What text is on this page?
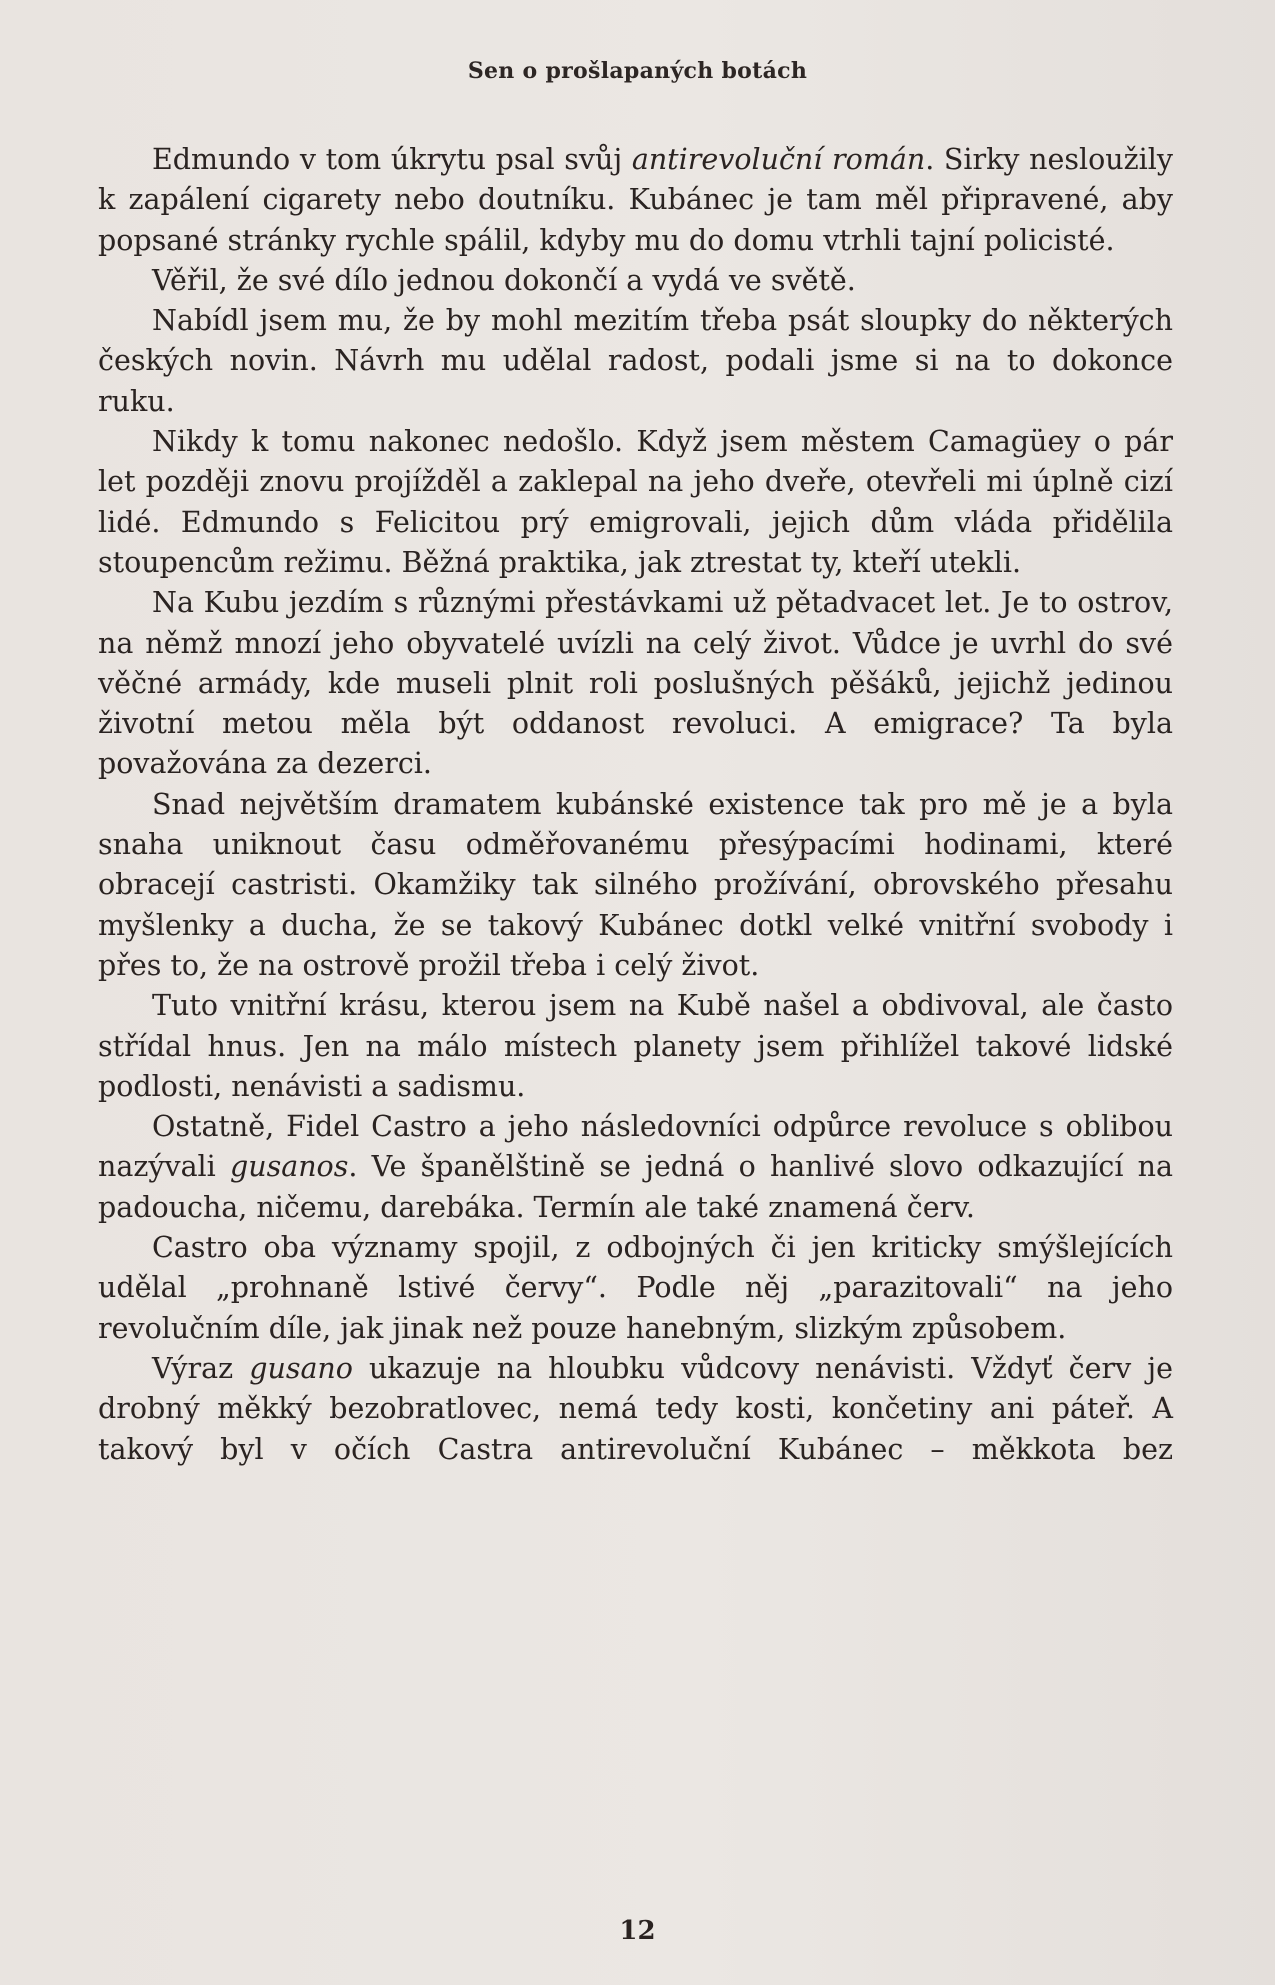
Sen o prošlapaných botách

Edmundo v tom úkrytu psal svůj antirevoluční román. Sirky nesloužily k zapálení cigarety nebo doutníku. Kubánec je tam měl připravené, aby popsané stránky rychle spálil, kdyby mu do domu vtrhli tajní policisté.

Věřil, že své dílo jednou dokončí a vydá ve světě.

Nabídl jsem mu, že by mohl mezitím třeba psát sloupky do některých českých novin. Návrh mu udělal radost, podali jsme si na to dokonce ruku.

Nikdy k tomu nakonec nedošlo. Když jsem městem Camagüey o pár let později znovu projížděl a zaklepal na jeho dveře, otevřeli mi úplně cizí lidé. Edmundo s Felicitou prý emigrovali, jejich dům vláda přidělila stoupencům režimu. Běžná praktika, jak ztrestat ty, kteří utekli.

Na Kubu jezdím s různými přestávkami už pětadvacet let. Je to ostrov, na němž mnozí jeho obyvatelé uvízli na celý život. Vůdce je uvrhl do své věčné armády, kde museli plnit roli poslušných pěšáků, jejichž jedinou životní metou měla být oddanost revoluci. A emigrace? Ta byla považována za dezerci.

Snad největším dramatem kubánské existence tak pro mě je a byla snaha uniknout času odměřovanému přesýpacími hodinami, které obracejí castristi. Okamžiky tak silného prožívání, obrovského přesahu myšlenky a ducha, že se takový Kubánec dotkl velké vnitřní svobody i přes to, že na ostrově prožil třeba i celý život.

Tuto vnitřní krásu, kterou jsem na Kubě našel a obdivoval, ale často střídal hnus. Jen na málo místech planety jsem přihlížel takové lidské podlosti, nenávisti a sadismu.

Ostatně, Fidel Castro a jeho následovníci odpůrce revoluce s oblibou nazývali gusanos. Ve španělštině se jedná o hanlivé slovo odkazující na padoucha, ničemu, darebáka. Termín ale také znamená červ.

Castro oba významy spojil, z odbojných či jen kriticky smýšlejících udělal „prohnaně lstivé červy“. Podle něj „parazitovali“ na jeho revolučním díle, jak jinak než pouze hanebným, slizkým způsobem.

Výraz gusano ukazuje na hloubku vůdcovy nenávisti. Vždyť červ je drobný měkký bezobratlovec, nemá tedy kosti, končetiny ani páteř. A takový byl v očích Castra antirevoluční Kubánec – měkkota bez

12
